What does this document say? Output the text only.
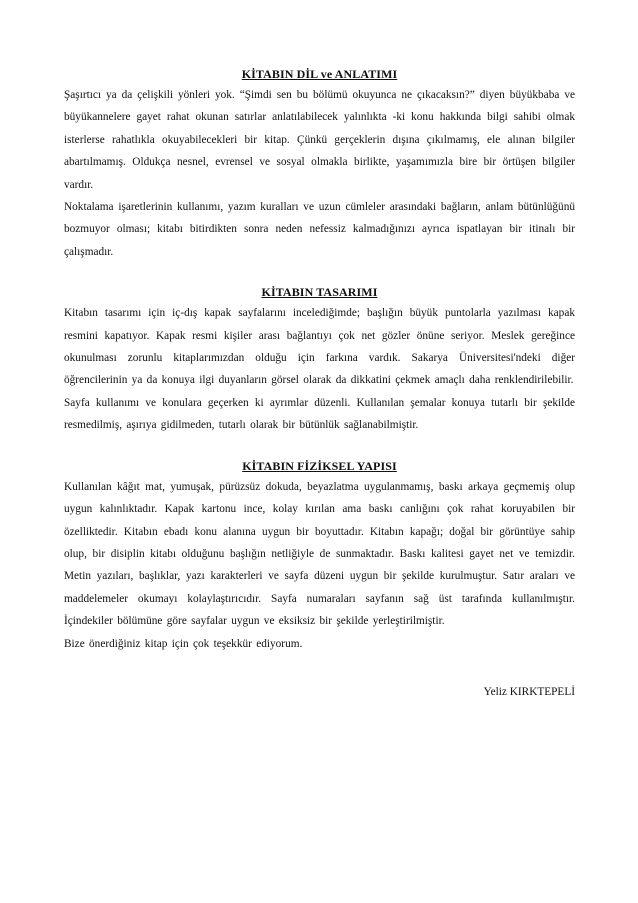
KİTABIN DİL ve ANLATIMI

Şaşırtıcı ya da çelişkili yönleri yok. “Şimdi sen bu bölümü okuyunca ne çıkacaksın?” diyen büyükbaba ve büyükannelere gayet rahat okunan satırlar anlatılabilecek yalınlıkta -ki konu hakkında bilgi sahibi olmak isterlerse rahatlıkla okuyabilecekleri bir kitap. Çünkü gerçeklerin dışına çıkılmamış, ele alınan bilgiler abartılmamış. Oldukça nesnel, evrensel ve sosyal olmakla birlikte, yaşamımızla bire bir örtüşen bilgiler vardır.

Noktalama işaretlerinin kullanımı, yazım kuralları ve uzun cümleler arasındaki bağların, anlam bütünlüğünü bozmuyor olması; kitabı bitirdikten sonra neden nefessiz kalmadığınızı ayrıca ispatlayan bir itinalı bir çalışmadır.

KİTABIN TASARIMI

Kitabın tasarımı için iç-dış kapak sayfalarını incelediğimde; başlığın büyük puntolarla yazılması kapak resmini kapatıyor. Kapak resmi kişiler arası bağlantıyı çok net gözler önüne seriyor. Meslek gereğince okunulması zorunlu kitaplarımızdan olduğu için farkına vardık. Sakarya Üniversitesi'ndeki diğer öğrencilerinin ya da konuya ilgi duyanların görsel olarak da dikkatini çekmek amaçlı daha renklendirilebilir.

Sayfa kullanımı ve konulara geçerken ki ayrımlar düzenli. Kullanılan şemalar konuya tutarlı bir şekilde resmedilmiş, aşırıya gidilmeden, tutarlı olarak bir bütünlük sağlanabilmiştir.

KİTABIN FİZİKSEL YAPISI

Kullanılan kâğıt mat, yumuşak, pürüzsüz dokuda, beyazlatma uygulanmamış, baskı arkaya geçmemiş olup uygun kalınlıktadır. Kapak kartonu ince, kolay kırılan ama baskı canlığını çok rahat koruyabilen bir özelliktedir. Kitabın ebadı konu alanına uygun bir boyuttadır. Kitabın kapağı; doğal bir görüntüye sahip olup, bir disiplin kitabı olduğunu başlığın netliğiyle de sunmaktadır. Baskı kalitesi gayet net ve temizdir. Metin yazıları, başlıklar, yazı karakterleri ve sayfa düzeni uygun bir şekilde kurulmuştur. Satır araları ve maddelemeler okumayı kolaylaştırıcıdır. Sayfa numaraları sayfanın sağ üst tarafında kullanılmıştır. İçindekiler bölümüne göre sayfalar uygun ve eksiksiz bir şekilde yerleştirilmiştir.

Bize önerdiğiniz kitap için çok teşekkür ediyorum.

Yeliz KIRKTEPELİ
